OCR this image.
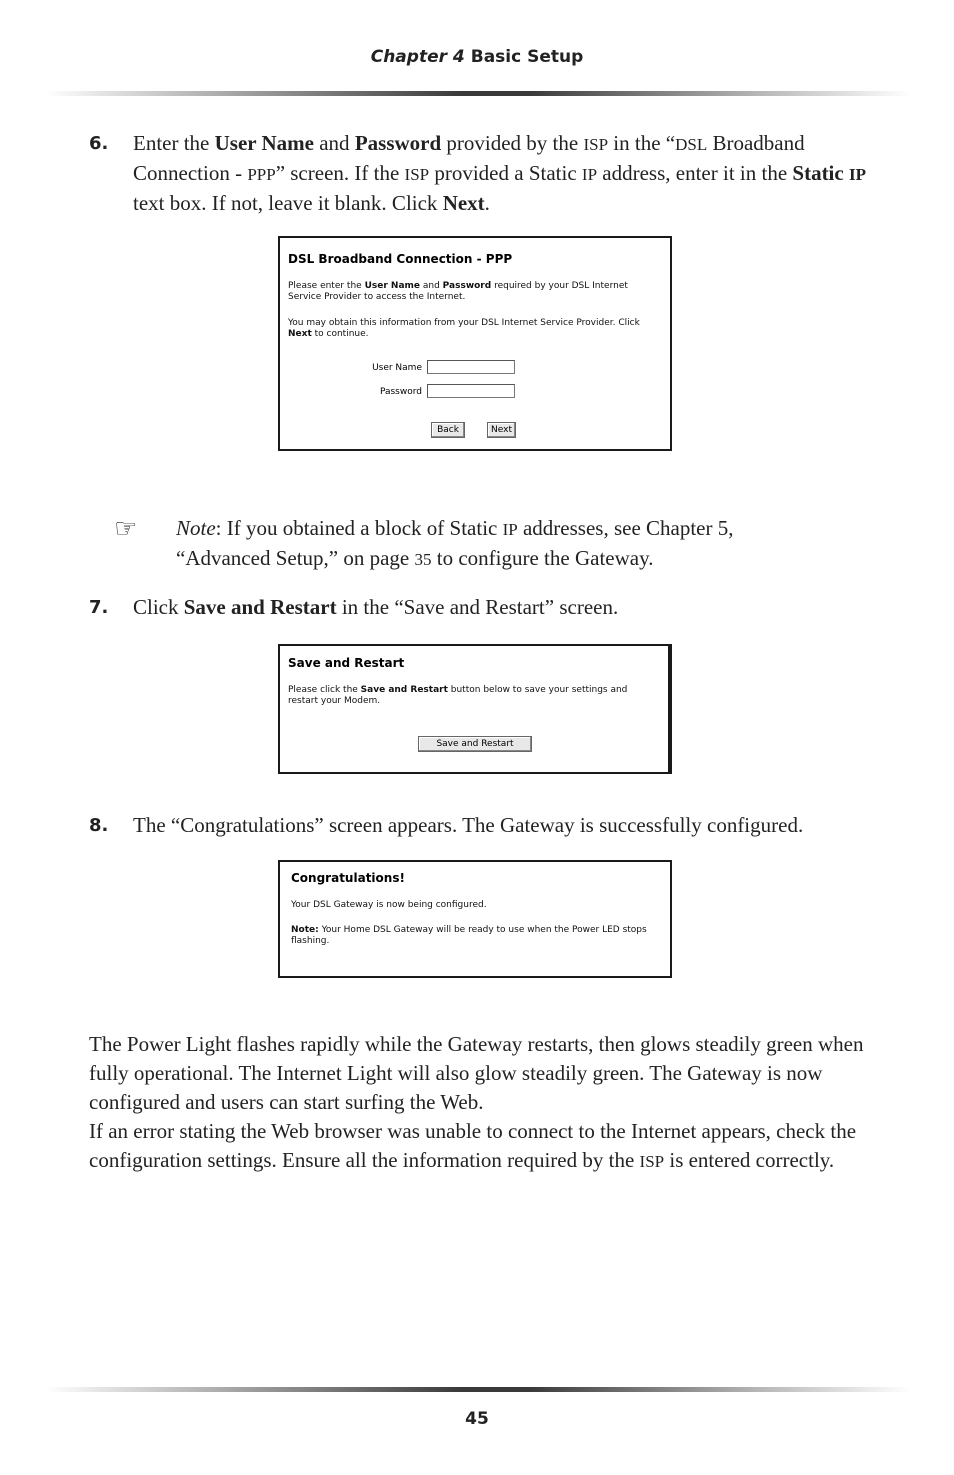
Chapter 4 Basic Setup
6. Enter the User Name and Password provided by the ISP in the “DSL Broadband Connection - PPP” screen. If the ISP provided a Static IP address, enter it in the Static IP text box. If not, leave it blank. Click Next.
DSL Broadband Connection - PPP
Please enter the User Name and Password required by your DSL Internet Service Provider to access the Internet.
You may obtain this information from your DSL Internet Service Provider. Click Next to continue.
User Name
Password
Back	Next
☞ Note: If you obtained a block of Static IP addresses, see Chapter 5, “Advanced Setup,” on page 35 to configure the Gateway.
7. Click Save and Restart in the “Save and Restart” screen.
Save and Restart
Please click the Save and Restart button below to save your settings and restart your Modem.
Save and Restart
8. The “Congratulations” screen appears. The Gateway is successfully configured.
Congratulations!
Your DSL Gateway is now being configured.
Note: Your Home DSL Gateway will be ready to use when the Power LED stops flashing.

The Power Light flashes rapidly while the Gateway restarts, then glows steadily green when fully operational. The Internet Light will also glow steadily green. The Gateway is now configured and users can start surfing the Web.

If an error stating the Web browser was unable to connect to the Internet appears, check the configuration settings. Ensure all the information required by the ISP is entered correctly.

45
